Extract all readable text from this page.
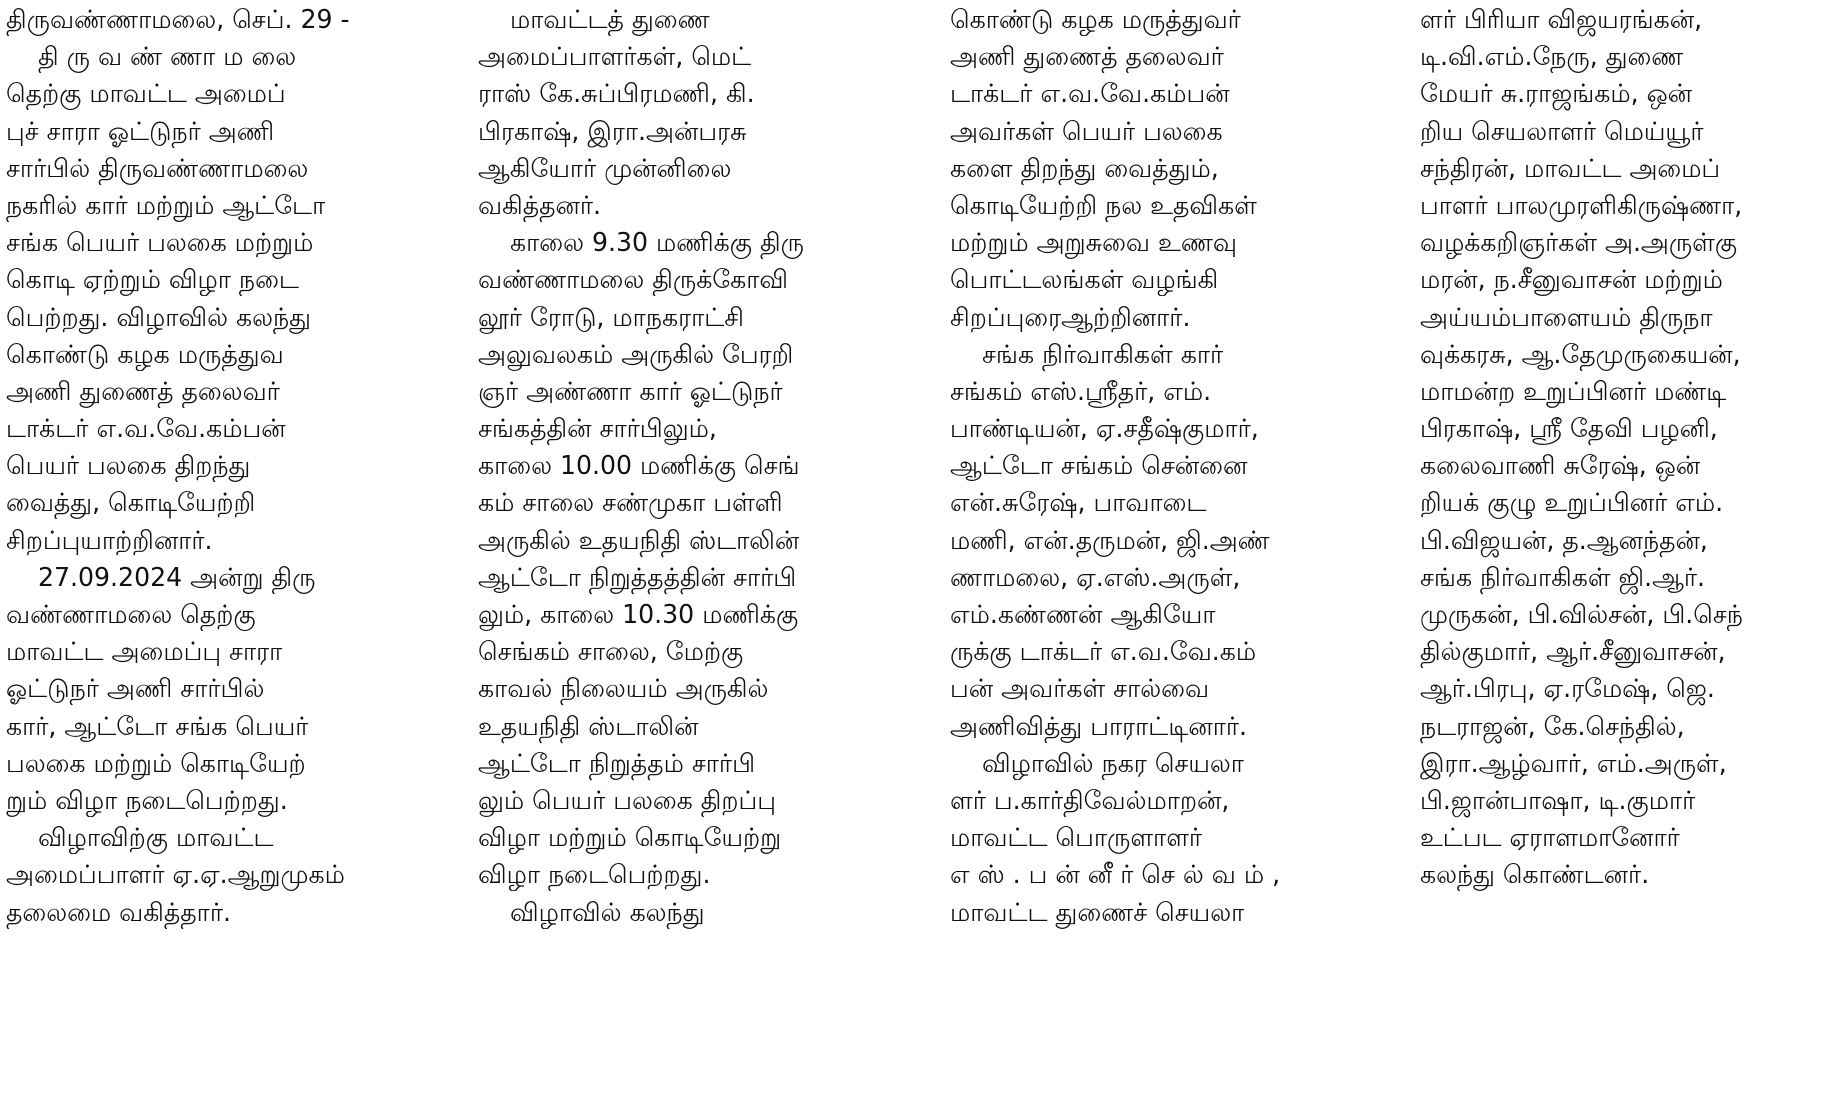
திருவண்ணாமலை, செப். 29 -
தி ரு வ ண் ணா ம லை
தெற்கு மாவட்ட அமைப்
புச் சாரா ஓட்டுநர் அணி
சார்பில் திருவண்ணாமலை
நகரில் கார் மற்றும் ஆட்டோ
சங்க பெயர் பலகை மற்றும்
கொடி ஏற்றும் விழா நடை
பெற்றது. விழாவில் கலந்து
கொண்டு கழக மருத்துவ
அணி துணைத் தலைவர்
டாக்டர் எ.வ.வே.கம்பன்
பெயர் பலகை திறந்து
வைத்து, கொடியேற்றி
சிறப்புயாற்றினார்.
27.09.2024 அன்று திரு
வண்ணாமலை தெற்கு
மாவட்ட அமைப்பு சாரா
ஓட்டுநர் அணி சார்பில்
கார், ஆட்டோ சங்க பெயர்
பலகை மற்றும் கொடியேற்
றும் விழா நடைபெற்றது.
விழாவிற்கு மாவட்ட
அமைப்பாளர் ஏ.ஏ.ஆறுமுகம்
தலைமை வகித்தார்.
மாவட்டத் துணை
அமைப்பாளர்கள், மெட்
ராஸ் கே.சுப்பிரமணி, கி.
பிரகாஷ், இரா.அன்பரசு
ஆகியோர் முன்னிலை
வகித்தனர்.
காலை 9.30 மணிக்கு திரு
வண்ணாமலை திருக்கோவி
லூர் ரோடு, மாநகராட்சி
அலுவலகம் அருகில் பேரறி
ஞர் அண்ணா கார் ஓட்டுநர்
சங்கத்தின் சார்பிலும்,
காலை 10.00 மணிக்கு செங்
கம் சாலை சண்முகா பள்ளி
அருகில் உதயநிதி ஸ்டாலின்
ஆட்டோ நிறுத்தத்தின் சார்பி
லும், காலை 10.30 மணிக்கு
செங்கம் சாலை, மேற்கு
காவல் நிலையம் அருகில்
உதயநிதி ஸ்டாலின்
ஆட்டோ நிறுத்தம் சார்பி
லும் பெயர் பலகை திறப்பு
விழா மற்றும் கொடியேற்று
விழா நடைபெற்றது.
விழாவில் கலந்து
கொண்டு கழக மருத்துவர்
அணி துணைத் தலைவர்
டாக்டர் எ.வ.வே.கம்பன்
அவர்கள் பெயர் பலகை
களை திறந்து வைத்தும்,
கொடியேற்றி நல உதவிகள்
மற்றும் அறுசுவை உணவு
பொட்டலங்கள் வழங்கி
சிறப்புரைஆற்றினார்.
சங்க நிர்வாகிகள் கார்
சங்கம் எஸ்.ஸ்ரீதர், எம்.
பாண்டியன், ஏ.சதீஷ்குமார்,
ஆட்டோ சங்கம் சென்னை
என்.சுரேஷ், பாவாடை
மணி, என்.தருமன், ஜி.அண்
ணாமலை, ஏ.எஸ்.அருள்,
எம்.கண்ணன் ஆகியோ
ருக்கு டாக்டர் எ.வ.வே.கம்
பன் அவர்கள் சால்வை
அணிவித்து பாராட்டினார்.
விழாவில் நகர செயலா
ளர் ப.கார்திவேல்மாறன்,
மாவட்ட பொருளாளர்
எ ஸ் . ப ன் னீ ர் செ ல் வ ம் ,
மாவட்ட துணைச் செயலா
ளர் பிரியா விஜயரங்கன்,
டி.வி.எம்.நேரு, துணை
மேயர் சு.ராஜங்கம், ஒன்
றிய செயலாளர் மெய்யூர்
சந்திரன், மாவட்ட அமைப்
பாளர் பாலமுரளிகிருஷ்ணா,
வழக்கறிஞர்கள் அ.அருள்கு
மரன், ந.சீனுவாசன் மற்றும்
அய்யம்பாளையம் திருநா
வுக்கரசு, ஆ.தேமுருகையன்,
மாமன்ற உறுப்பினர் மண்டி
பிரகாஷ், ஸ்ரீ தேவி பழனி,
கலைவாணி சுரேஷ், ஒன்
றியக் குழு உறுப்பினர் எம்.
பி.விஜயன், த.ஆனந்தன்,
சங்க நிர்வாகிகள் ஜி.ஆர்.
முருகன், பி.வில்சன், பி.செந்
தில்குமார், ஆர்.சீனுவாசன்,
ஆர்.பிரபு, ஏ.ரமேஷ், ஜெ.
நடராஜன், கே.செந்தில்,
இரா.ஆழ்வார், எம்.அருள்,
பி.ஜான்பாஷா, டி.குமார்
உட்பட ஏராளமானோர்
கலந்து கொண்டனர்.
